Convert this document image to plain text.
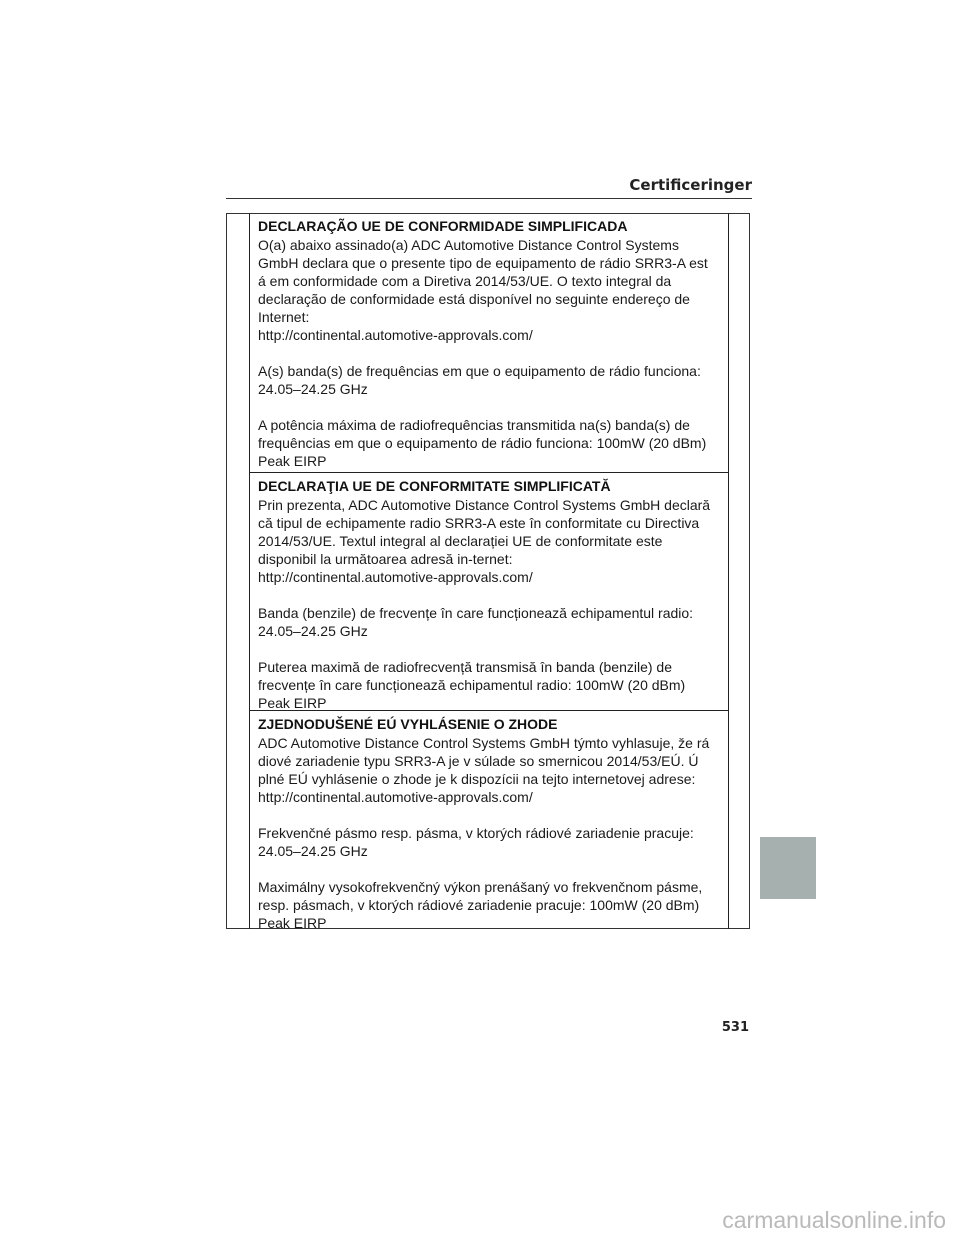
Certificeringer
DECLARAÇÃO UE DE CONFORMIDADE SIMPLIFICADA

O(a) abaixo assinado(a) ADC Automotive Distance Control Systems
GmbH declara que o presente tipo de equipamento de rádio SRR3-A est
á em conformidade com a Diretiva 2014/53/UE. O texto integral da
declaração de conformidade está disponível no seguinte endereço de
Internet:
http://continental.automotive-approvals.com/

A(s) banda(s) de frequências em que o equipamento de rádio funciona:
24.05–24.25 GHz

A potência máxima de radiofrequências transmitida na(s) banda(s) de
frequências em que o equipamento de rádio funciona: 100mW (20 dBm)
Peak EIRP

DECLARAŢIA UE DE CONFORMITATE SIMPLIFICATĂ

Prin prezenta, ADC Automotive Distance Control Systems GmbH declară
că tipul de echipamente radio SRR3-A este în conformitate cu Directiva
2014/53/UE. Textul integral al declarației UE de conformitate este
disponibil la următoarea adresă in-ternet:
http://continental.automotive-approvals.com/

Banda (benzile) de frecvențe în care funcționează echipamentul radio:
24.05–24.25 GHz

Puterea maximă de radiofrecvență transmisă în banda (benzile) de
frecvențe în care funcționează echipamentul radio: 100mW (20 dBm)
Peak EIRP

ZJEDNODUŠENÉ EÚ VYHLÁSENIE O ZHODE

ADC Automotive Distance Control Systems GmbH týmto vyhlasuje, že rá
diové zariadenie typu SRR3-A je v súlade so smernicou 2014/53/EÚ. Ú
plné EÚ vyhlásenie o zhode je k dispozícii na tejto internetovej adrese:
http://continental.automotive-approvals.com/

Frekvenčné pásmo resp. pásma, v ktorých rádiové zariadenie pracuje:
24.05–24.25 GHz

Maximálny vysokofrekvenčný výkon prenášaný vo frekvenčnom pásme,
resp. pásmach, v ktorých rádiové zariadenie pracuje: 100mW (20 dBm)
Peak EIRP

531
carmanualsonline.info
